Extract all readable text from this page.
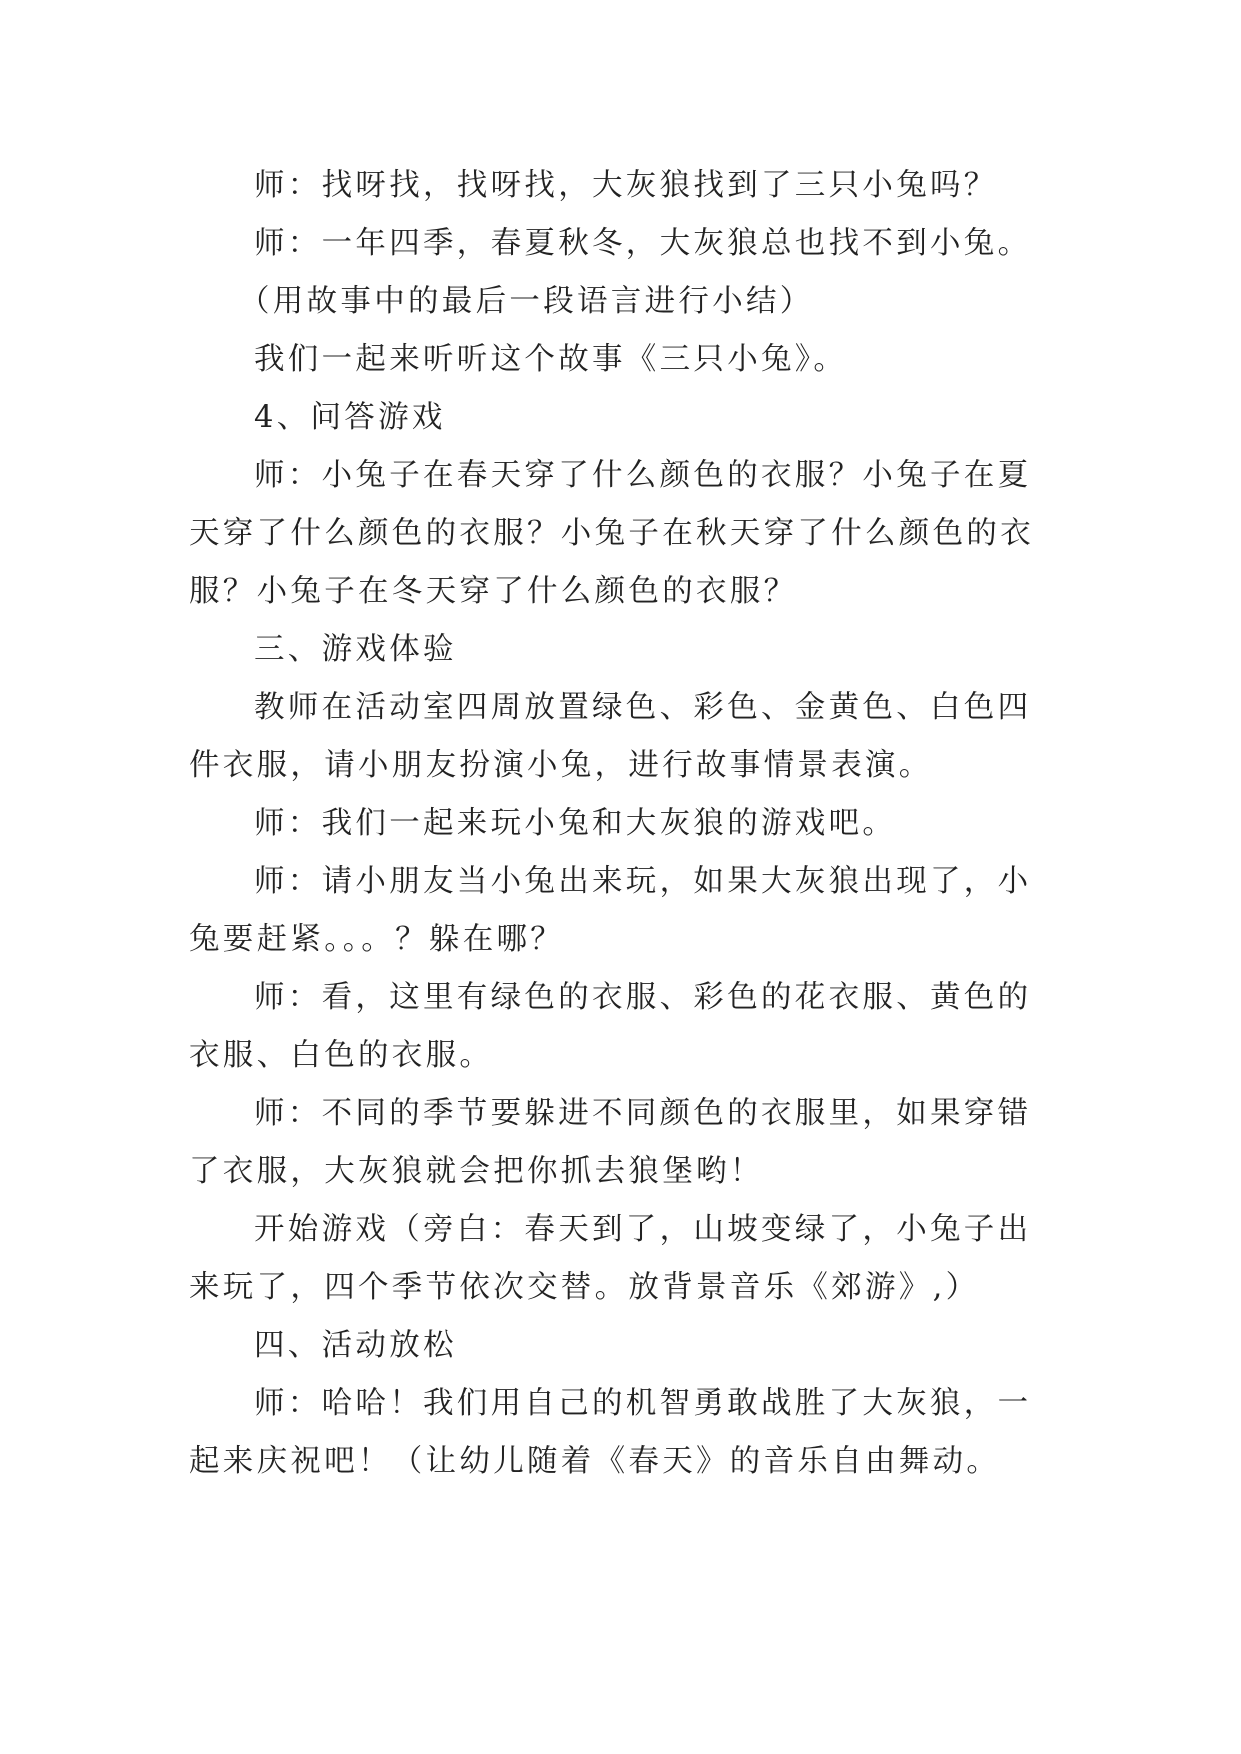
师：找呀找，找呀找，大灰狼找到了三只小兔吗？

师：一年四季，春夏秋冬，大灰狼总也找不到小兔。

（用故事中的最后一段语言进行小结）

我们一起来听听这个故事《三只小兔》。

4、问答游戏

师：小兔子在春天穿了什么颜色的衣服？小兔子在夏天穿了什么颜色的衣服？小兔子在秋天穿了什么颜色的衣服？小兔子在冬天穿了什么颜色的衣服？

三、游戏体验

教师在活动室四周放置绿色、彩色、金黄色、白色四件衣服，请小朋友扮演小兔，进行故事情景表演。

师：我们一起来玩小兔和大灰狼的游戏吧。

师：请小朋友当小兔出来玩，如果大灰狼出现了，小兔要赶紧。。。？躲在哪？

师：看，这里有绿色的衣服、彩色的花衣服、黄色的衣服、白色的衣服。

师：不同的季节要躲进不同颜色的衣服里，如果穿错了衣服，大灰狼就会把你抓去狼堡哟！

开始游戏（旁白：春天到了，山坡变绿了，小兔子出来玩了，四个季节依次交替。放背景音乐《郊游》,）

四、活动放松

师：哈哈！我们用自己的机智勇敢战胜了大灰狼，一起来庆祝吧！（让幼儿随着《春天》的音乐自由舞动。
